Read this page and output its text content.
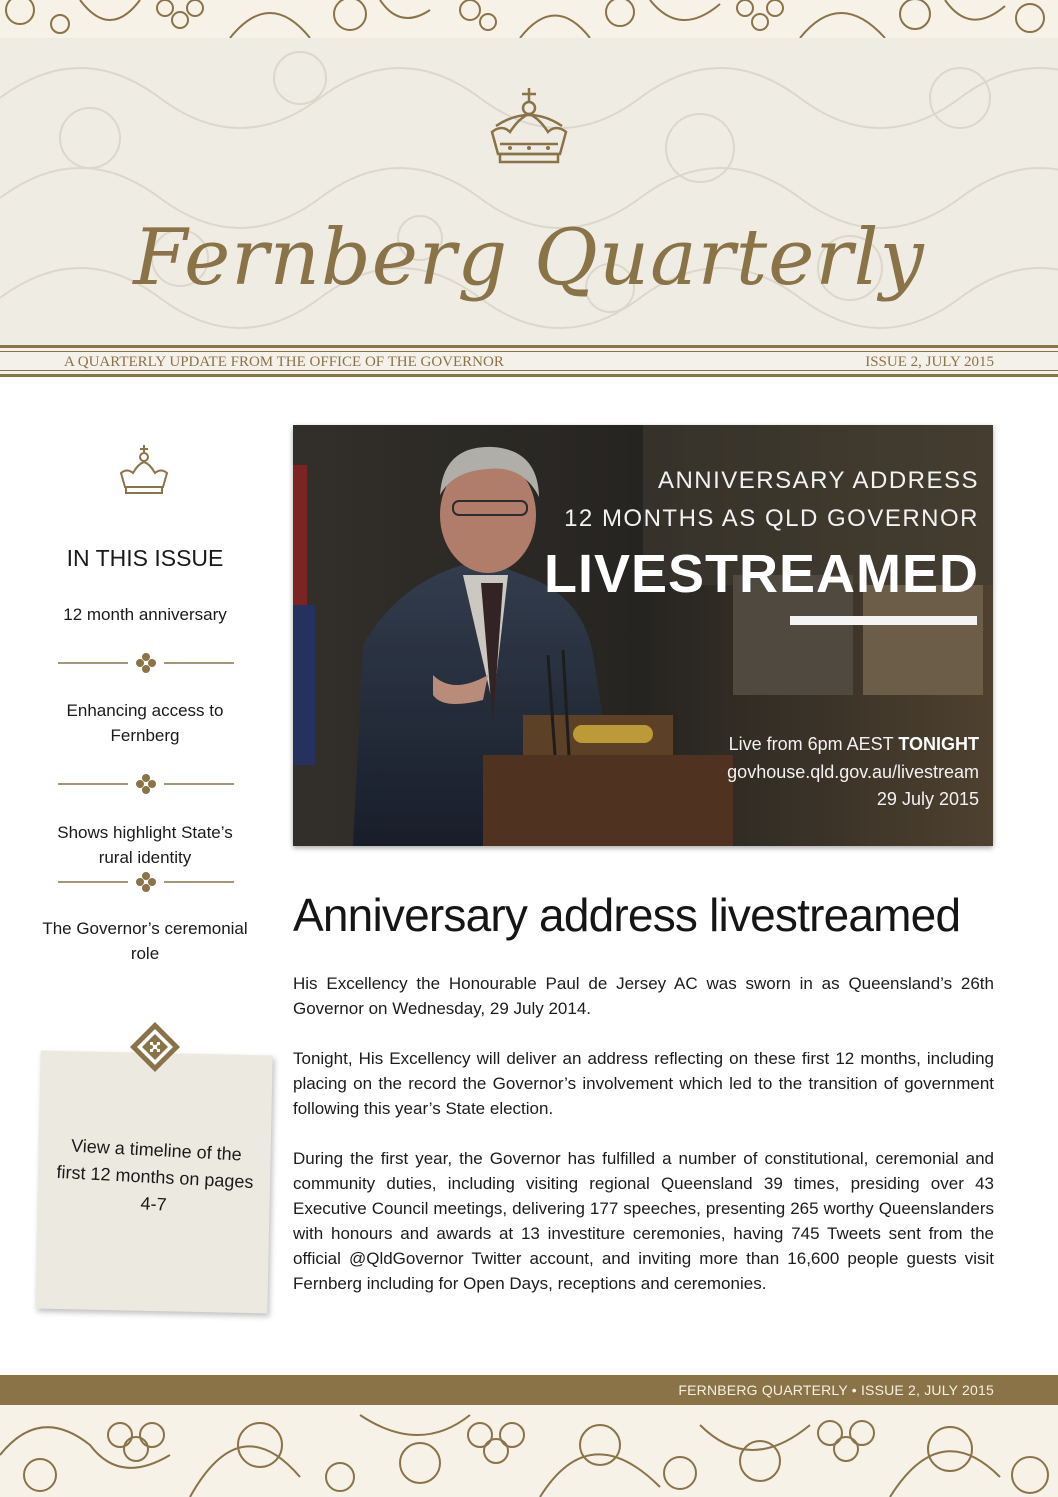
Fernberg Quarterly
A QUARTERLY UPDATE FROM THE OFFICE OF THE GOVERNOR	ISSUE 2, JULY 2015
IN THIS ISSUE
12 month anniversary
Enhancing access to Fernberg
Shows highlight State’s rural identity
The Governor’s ceremonial role
View a timeline of the first 12 months on pages 4-7
ANNIVERSARY ADDRESS
12 MONTHS AS QLD GOVERNOR
LIVESTREAMED
Live from 6pm AEST TONIGHT
govhouse.qld.gov.au/livestream
29 July 2015
Anniversary address livestreamed
His Excellency the Honourable Paul de Jersey AC was sworn in as Queensland’s 26th Governor on Wednesday, 29 July 2014.
Tonight, His Excellency will deliver an address reflecting on these first 12 months, including placing on the record the Governor’s involvement which led to the transition of government following this year’s State election.
During the first year, the Governor has fulfilled a number of constitutional, ceremonial and community duties, including visiting regional Queensland 39 times, presiding over 43 Executive Council meetings, delivering 177 speeches, presenting 265 worthy Queenslanders with honours and awards at 13 investiture ceremonies, having 745 Tweets sent from the official @QldGovernor Twitter account, and inviting more than 16,600 people guests visit Fernberg including for Open Days, receptions and ceremonies.
FERNBERG QUARTERLY • ISSUE 2, JULY 2015
